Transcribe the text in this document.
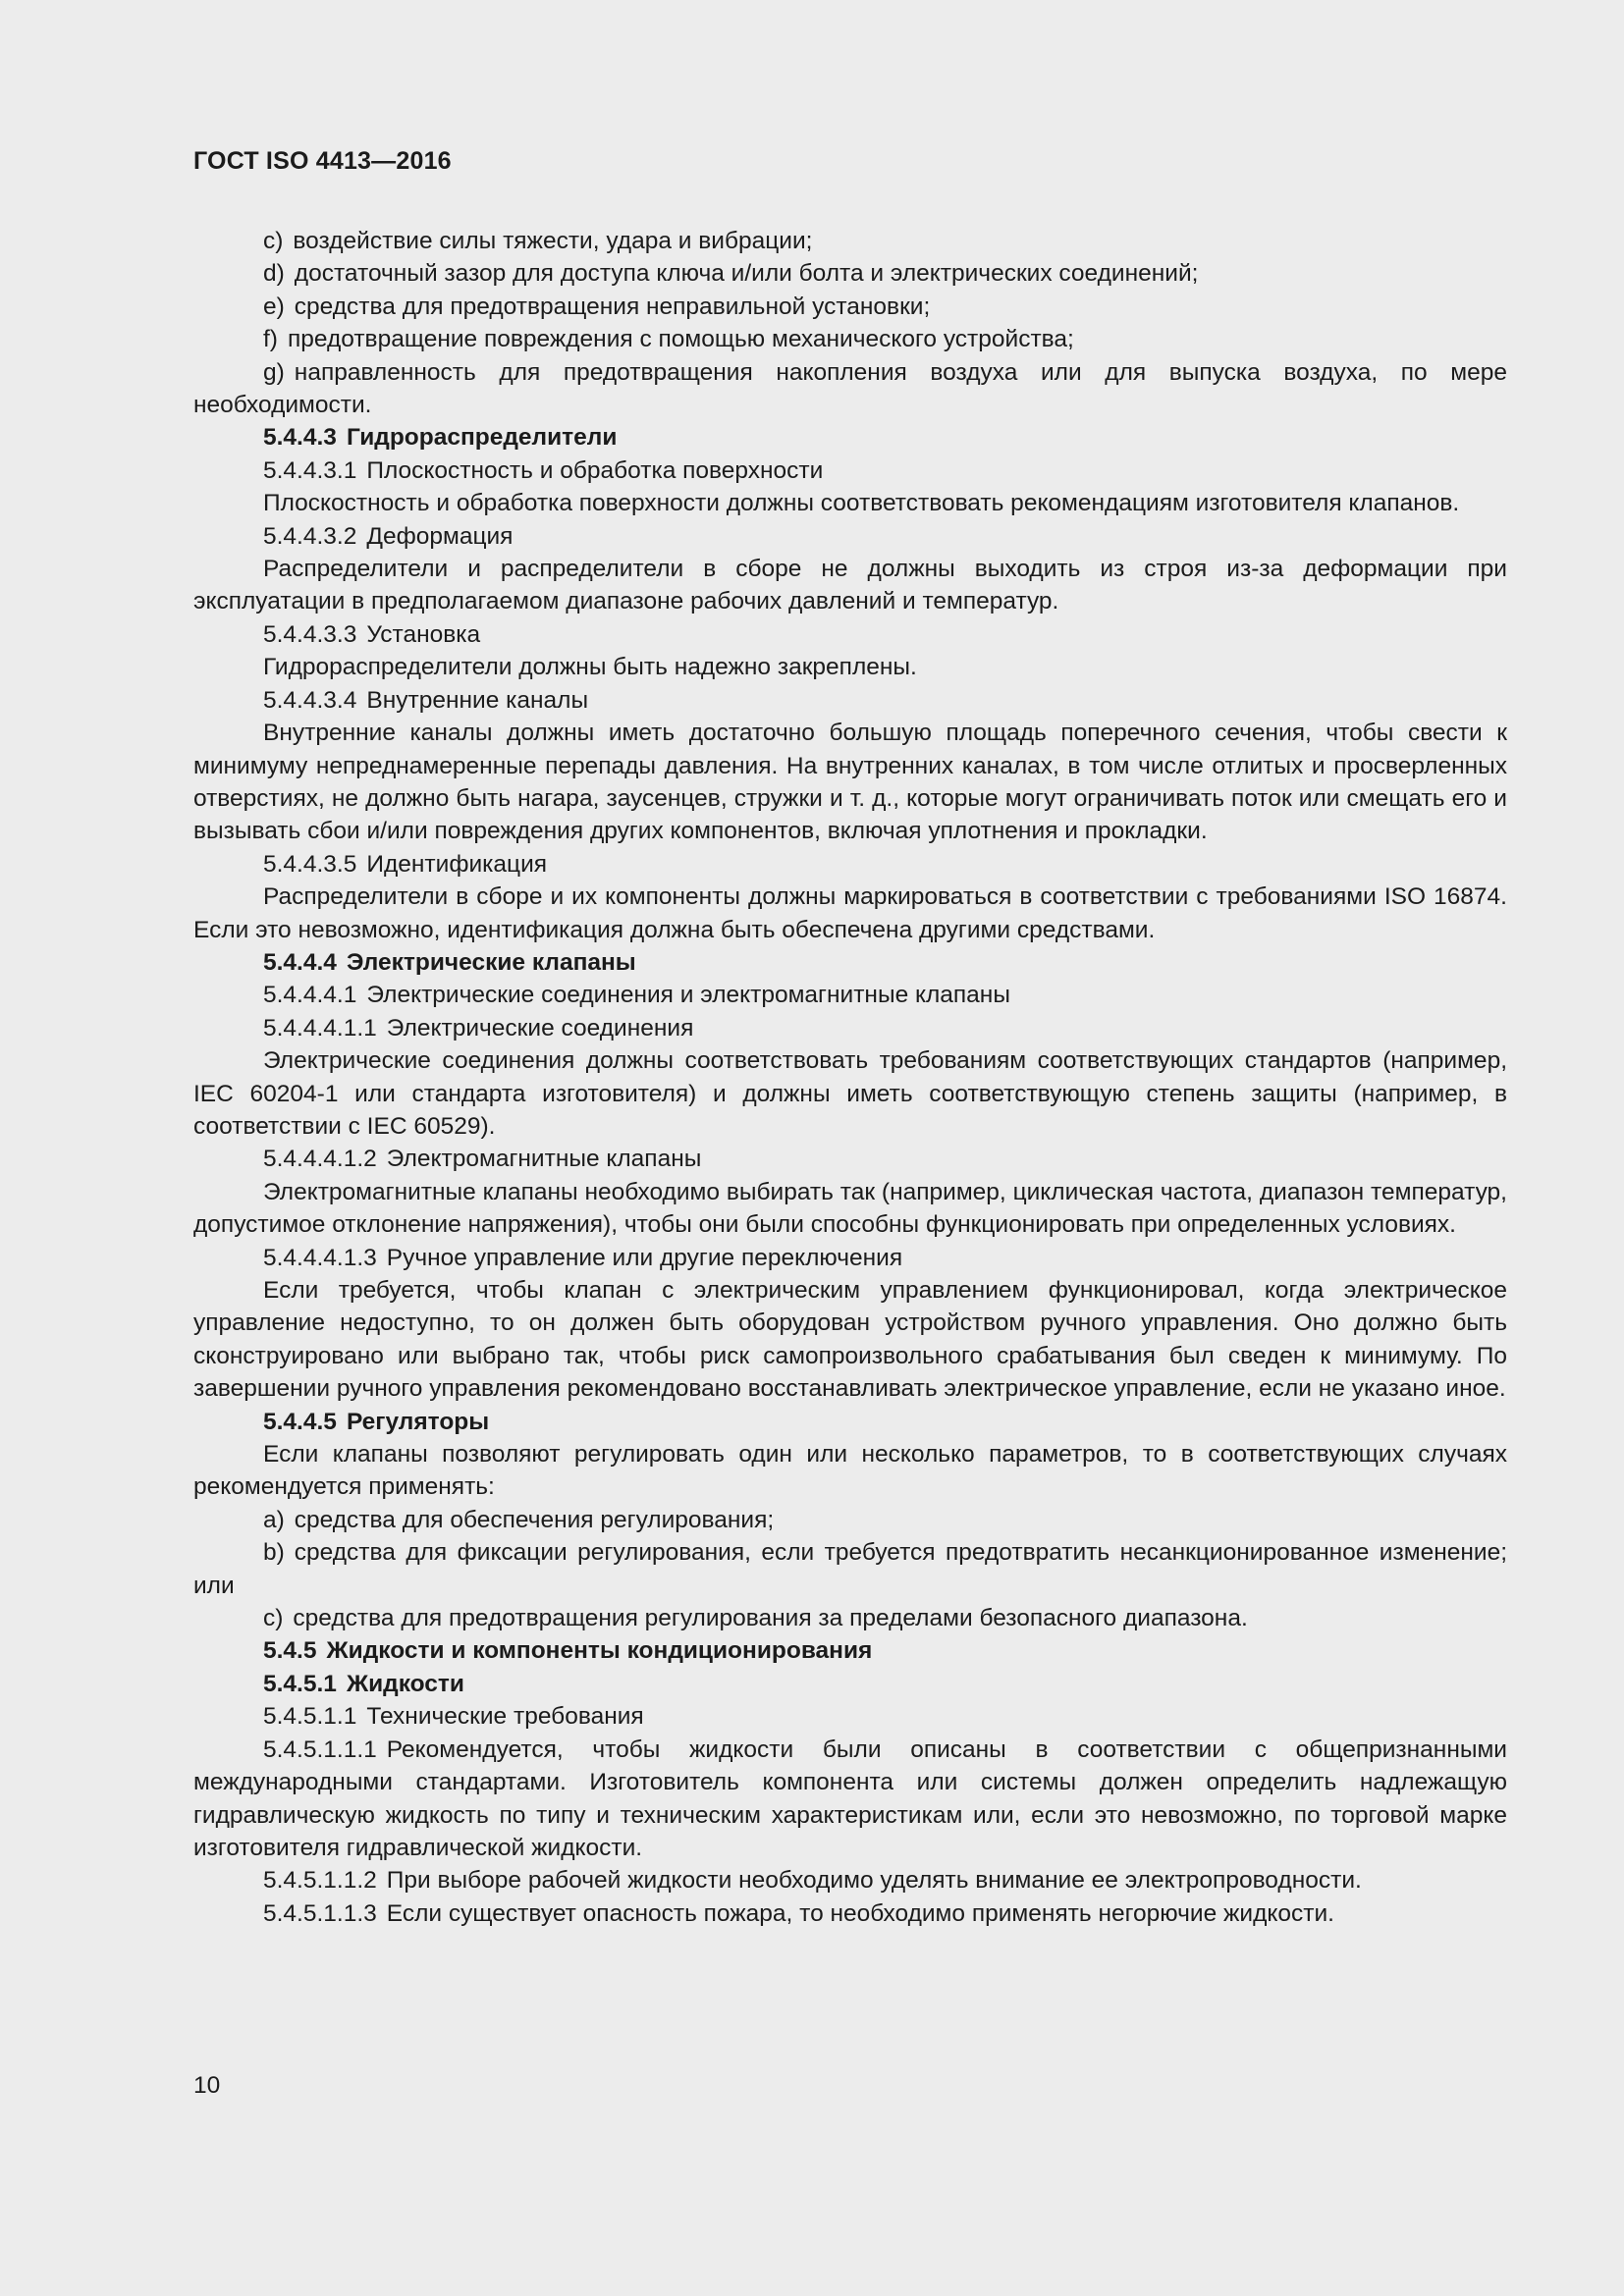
ГОСТ ISO 4413—2016

c) воздействие силы тяжести, удара и вибрации;

d) достаточный зазор для доступа ключа и/или болта и электрических соединений;

e) средства для предотвращения неправильной установки;

f) предотвращение повреждения с помощью механического устройства;

g) направленность для предотвращения накопления воздуха или для выпуска воздуха, по мере необходимости.

5.4.4.3 Гидрораспределители

5.4.4.3.1 Плоскостность и обработка поверхности

Плоскостность и обработка поверхности должны соответствовать рекомендациям изготовителя клапанов.

5.4.4.3.2 Деформация

Распределители и распределители в сборе не должны выходить из строя из-за деформации при эксплуатации в предполагаемом диапазоне рабочих давлений и температур.

5.4.4.3.3 Установка

Гидрораспределители должны быть надежно закреплены.

5.4.4.3.4 Внутренние каналы

Внутренние каналы должны иметь достаточно большую площадь поперечного сечения, чтобы свести к минимуму непреднамеренные перепады давления. На внутренних каналах, в том числе отлитых и просверленных отверстиях, не должно быть нагара, заусенцев, стружки и т. д., которые могут ограничивать поток или смещать его и вызывать сбои и/или повреждения других компонентов, включая уплотнения и прокладки.

5.4.4.3.5 Идентификация

Распределители в сборе и их компоненты должны маркироваться в соответствии с требованиями ISO 16874. Если это невозможно, идентификация должна быть обеспечена другими средствами.

5.4.4.4 Электрические клапаны

5.4.4.4.1 Электрические соединения и электромагнитные клапаны

5.4.4.4.1.1 Электрические соединения

Электрические соединения должны соответствовать требованиям соответствующих стандартов (например, IEC 60204-1 или стандарта изготовителя) и должны иметь соответствующую степень защиты (например, в соответствии с IEC 60529).

5.4.4.4.1.2 Электромагнитные клапаны

Электромагнитные клапаны необходимо выбирать так (например, циклическая частота, диапазон температур, допустимое отклонение напряжения), чтобы они были способны функционировать при определенных условиях.

5.4.4.4.1.3 Ручное управление или другие переключения

Если требуется, чтобы клапан с электрическим управлением функционировал, когда электрическое управление недоступно, то он должен быть оборудован устройством ручного управления. Оно должно быть сконструировано или выбрано так, чтобы риск самопроизвольного срабатывания был сведен к минимуму. По завершении ручного управления рекомендовано восстанавливать электрическое управление, если не указано иное.

5.4.4.5 Регуляторы

Если клапаны позволяют регулировать один или несколько параметров, то в соответствующих случаях рекомендуется применять:

a) средства для обеспечения регулирования;

b) средства для фиксации регулирования, если требуется предотвратить несанкционированное изменение; или

c) средства для предотвращения регулирования за пределами безопасного диапазона.

5.4.5 Жидкости и компоненты кондиционирования

5.4.5.1 Жидкости

5.4.5.1.1 Технические требования

5.4.5.1.1.1 Рекомендуется, чтобы жидкости были описаны в соответствии с общепризнанными международными стандартами. Изготовитель компонента или системы должен определить надлежащую гидравлическую жидкость по типу и техническим характеристикам или, если это невозможно, по торговой марке изготовителя гидравлической жидкости.

5.4.5.1.1.2 При выборе рабочей жидкости необходимо уделять внимание ее электропроводности.

5.4.5.1.1.3 Если существует опасность пожара, то необходимо применять негорючие жидкости.

10
